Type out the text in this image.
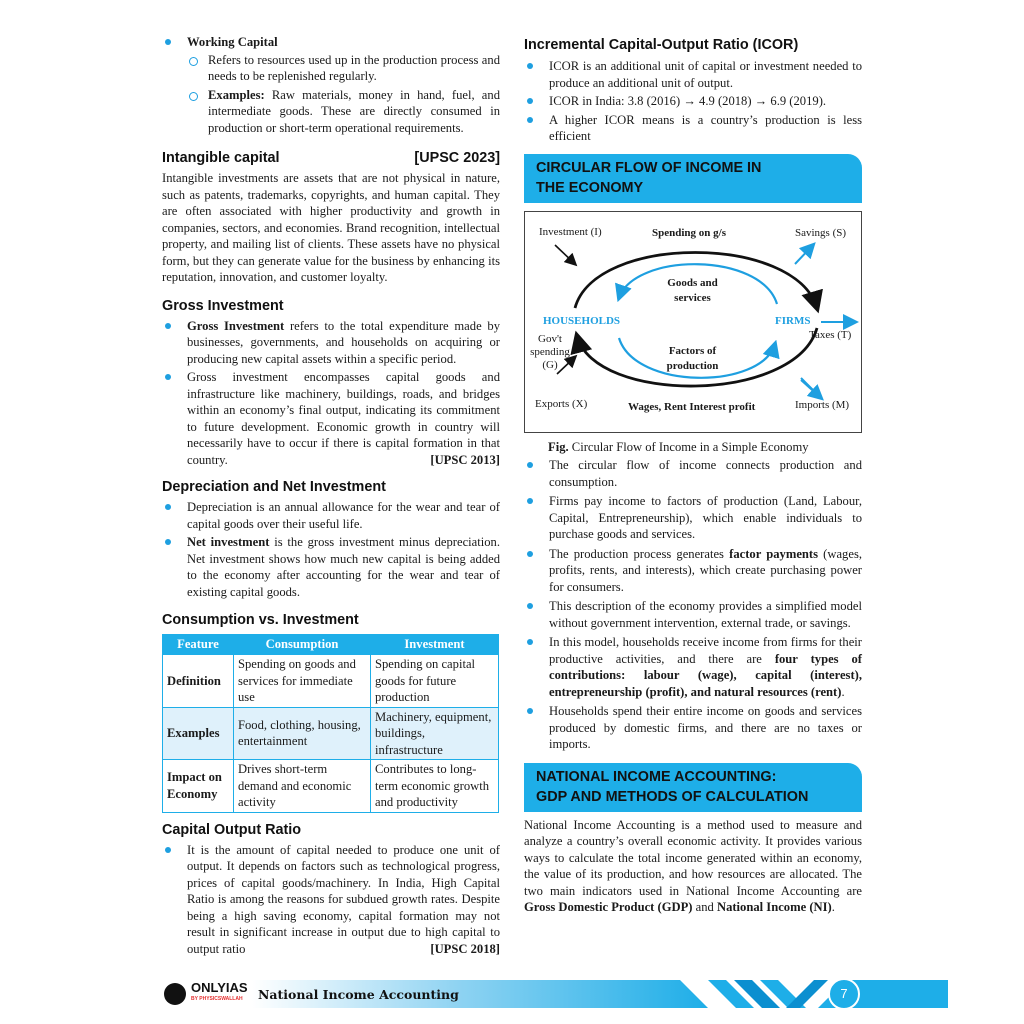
Working Capital
Refers to resources used up in the production process and needs to be replenished regularly.
Examples: Raw materials, money in hand, fuel, and intermediate goods. These are directly consumed in production or short-term operational requirements.
Intangible capital	[UPSC 2023]

Intangible investments are assets that are not physical in nature, such as patents, trademarks, copyrights, and human capital. They are often associated with higher productivity and growth in companies, sectors, and economies. Brand recognition, intellectual property, and mailing list of clients. These assets have no physical form, but they can generate value for the business by enhancing its reputation, innovation, and customer loyalty.

Gross Investment
Gross Investment refers to the total expenditure made by businesses, governments, and households on acquiring or producing new capital assets within a specific period.
Gross investment encompasses capital goods and infrastructure like machinery, buildings, roads, and bridges within an economy’s final output, indicating its commitment to future development. Economic growth in country will necessarily have to occur if there is capital formation in that country.	[UPSC 2013]
Depreciation and Net Investment
Depreciation is an annual allowance for the wear and tear of capital goods over their useful life.
Net investment is the gross investment minus depreciation. Net investment shows how much new capital is being added to the economy after accounting for the wear and tear of existing capital goods.
Consumption vs. Investment
Feature	Consumption	Investment
Definition	Spending on goods and services for immediate use	Spending on capital goods for future production
Examples	Food, clothing, housing, entertainment	Machinery, equipment, buildings, infrastructure
Impact on Economy	Drives short-term demand and economic activity	Contributes to long-term economic growth and productivity
Capital Output Ratio
It is the amount of capital needed to produce one unit of output. It depends on factors such as technological progress, prices of capital goods/machinery. In India, High Capital Ratio is among the reasons for subdued growth rates. Despite being a high saving economy, capital formation may not result in significant increase in output due to high capital to output ratio	[UPSC 2018]
Incremental Capital-Output Ratio (ICOR)
ICOR is an additional unit of capital or investment needed to produce an additional unit of output.
ICOR in India: 3.8 (2016) → 4.9 (2018) → 6.9 (2019).
A higher ICOR means is a country’s production is less efficient
CIRCULAR FLOW OF INCOME IN
THE ECONOMY
Investment (I)	Spending on g/s	Savings (S)
Goods and
services
HOUSEHOLDS	FIRMS
Taxes (T)
Gov't
spending
(G)
Factors of
production
Exports (X)	Wages, Rent Interest profit	Imports (M)

Fig. Circular Flow of Income in a Simple Economy

The circular flow of income connects production and consumption.
Firms pay income to factors of production (Land, Labour, Capital, Entrepreneurship), which enable individuals to purchase goods and services.
The production process generates factor payments (wages, profits, rents, and interests), which create purchasing power for consumers.
This description of the economy provides a simplified model without government intervention, external trade, or savings.
In this model, households receive income from firms for their productive activities, and there are four types of contributions: labour (wage), capital (interest), entrepreneurship (profit), and natural resources (rent).
Households spend their entire income on goods and services produced by domestic firms, and there are no taxes or imports.
NATIONAL INCOME ACCOUNTING:
GDP AND METHODS OF CALCULATION

National Income Accounting is a method used to measure and analyze a country’s overall economic activity. It provides various ways to calculate the total income generated within an economy, the value of its production, and how resources are allocated. The two main indicators used in National Income Accounting are Gross Domestic Product (GDP) and National Income (NI).

ONLYIAS
BY PHYSICSWALLAH National Income Accounting	7
